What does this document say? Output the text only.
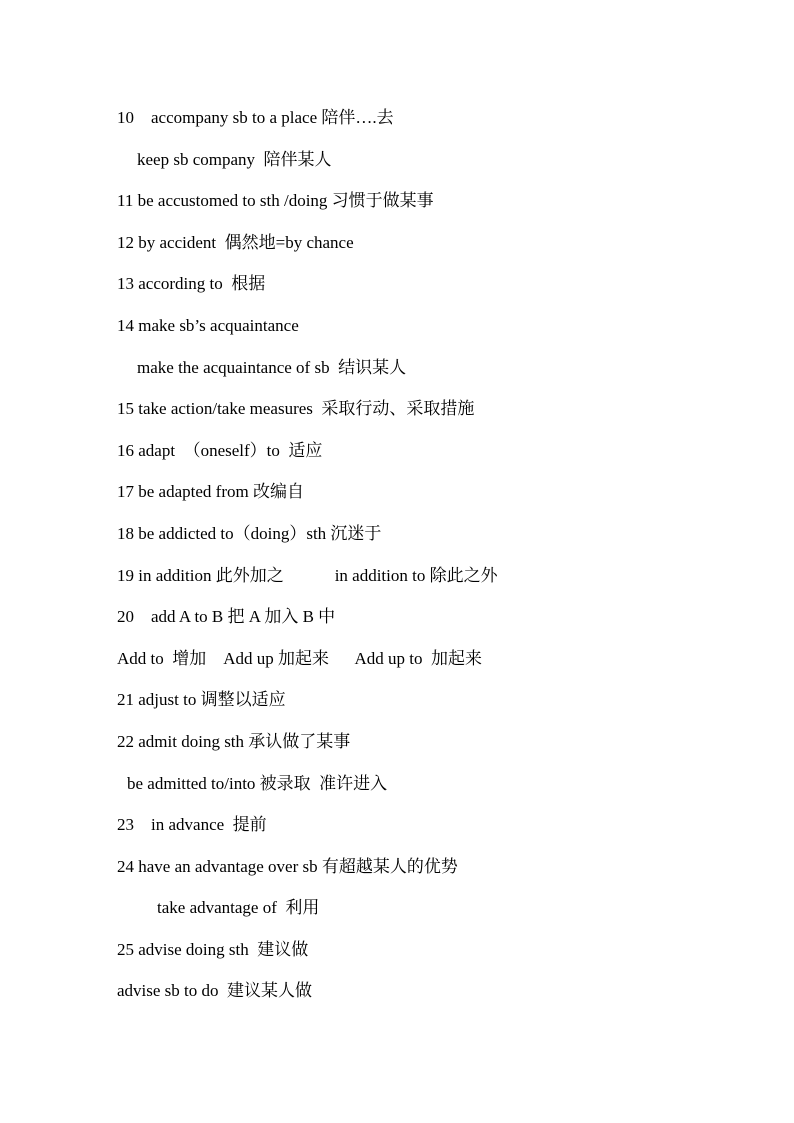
10    accompany sb to a place 陪伴….去
keep sb company  陪伴某人
11 be accustomed to sth /doing 习惯于做某事
12 by accident  偶然地=by chance
13 according to  根据
14 make sb’s acquaintance
make the acquaintance of sb  结识某人
15 take action/take measures  采取行动、采取措施
16 adapt  （oneself）to  适应
17 be adapted from 改编自
18 be addicted to（doing）sth 沉迷于
19 in addition 此外加之            in addition to 除此之外
20    add A to B 把 A 加入 B 中
Add to  增加    Add up 加起来      Add up to  加起来
21 adjust to 调整以适应
22 admit doing sth 承认做了某事
be admitted to/into 被录取  准许进入
23    in advance  提前
24 have an advantage over sb 有超越某人的优势
take advantage of  利用
25 advise doing sth  建议做
advise sb to do  建议某人做
